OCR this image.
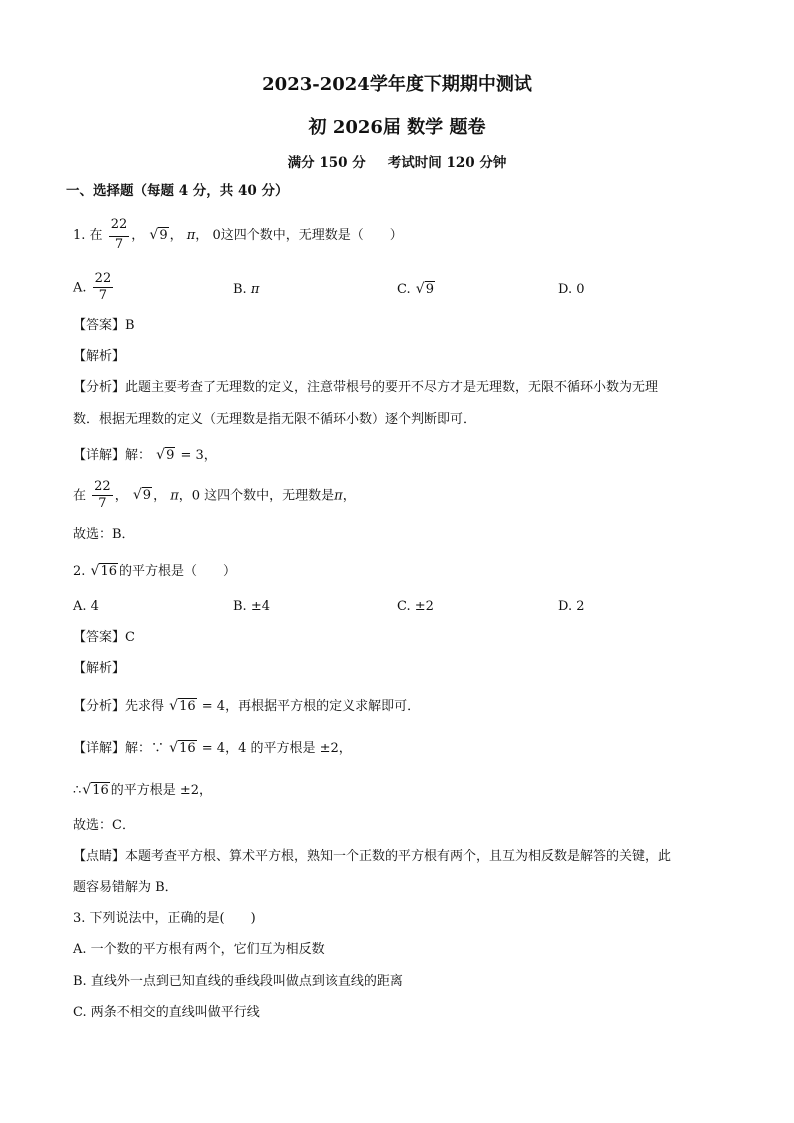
2023-2024学年度下期期中测试
初 2026届 数学 题卷
满分 150 分 考试时间 120 分钟
一、选择题（每题 4 分，共 40 分）
1. 在 $\frac{22}{7}$ ， √ 9 ， π， 0这四个数中，无理数是（　　）
A. $\frac{22}{7}$	B. π	C. √ 9	D. 0
【答案】B
【解析】
【分析】此题主要考查了无理数的定义，注意带根号的要开不尽方才是无理数，无限不循环小数为无理
数．根据无理数的定义（无理数是指无限不循环小数）逐个判断即可．
【详解】解： √ 9 = 3，
在 $\frac{22}{7}$ ， √ 9 ， π，0 这四个数中，无理数是π，
故选：B．
2. √ 16 的平方根是（　　）
A. 4	B. ±4	C. ±2	D. 2
【答案】C
【解析】
【分析】先求得 √ 16 = 4，再根据平方根的定义求解即可．
【详解】解：∵ √ 16 = 4，4 的平方根是 ±2，
∴ √ 16 的平方根是 ±2，
故选：C．
【点睛】本题考查平方根、算术平方根，熟知一个正数的平方根有两个，且互为相反数是解答的关键，此
题容易错解为 B．
3. 下列说法中，正确的是(　　)
A. 一个数的平方根有两个，它们互为相反数
B. 直线外一点到已知直线的垂线段叫做点到该直线的距离
C. 两条不相交的直线叫做平行线
